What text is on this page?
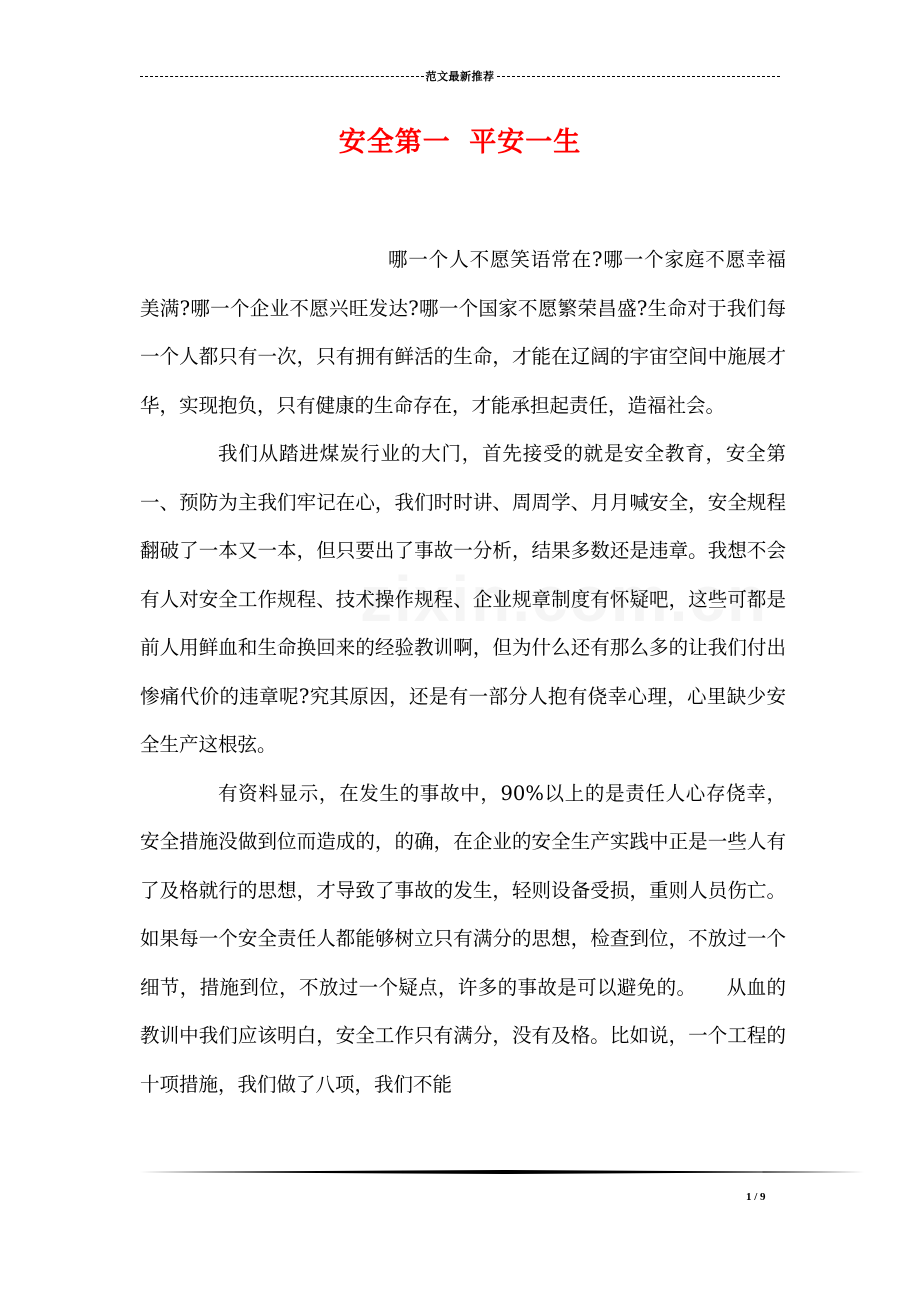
范文最新推荐
安全第一 平安一生

哪一个人不愿笑语常在?哪一个家庭不愿幸福美满?哪一个企业不愿兴旺发达?哪一个国家不愿繁荣昌盛?生命对于我们每一个人都只有一次，只有拥有鲜活的生命，才能在辽阔的宇宙空间中施展才华，实现抱负，只有健康的生命存在，才能承担起责任，造福社会。

我们从踏进煤炭行业的大门，首先接受的就是安全教育，安全第一、预防为主我们牢记在心，我们时时讲、周周学、月月喊安全，安全规程翻破了一本又一本，但只要出了事故一分析，结果多数还是违章。我想不会有人对安全工作规程、技术操作规程、企业规章制度有怀疑吧，这些可都是前人用鲜血和生命换回来的经验教训啊，但为什么还有那么多的让我们付出惨痛代价的违章呢?究其原因，还是有一部分人抱有侥幸心理，心里缺少安全生产这根弦。

有资料显示，在发生的事故中，90%以上的是责任人心存侥幸，安全措施没做到位而造成的，的确，在企业的安全生产实践中正是一些人有了及格就行的思想，才导致了事故的发生，轻则设备受损，重则人员伤亡。如果每一个安全责任人都能够树立只有满分的思想，检查到位，不放过一个细节，措施到位，不放过一个疑点，许多的事故是可以避免的。 从血的教训中我们应该明白，安全工作只有满分，没有及格。比如说，一个工程的十项措施，我们做了八项，我们不能

1 / 9
